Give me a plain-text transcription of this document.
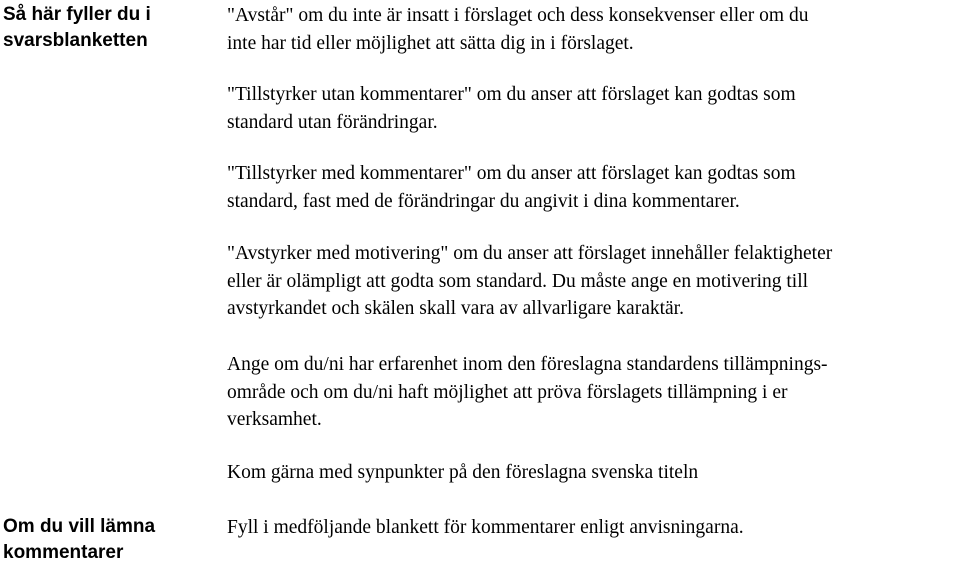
Så här fyller du i
svarsblanketten

"Avstår" om du inte är insatt i förslaget och dess konsekvenser eller om du
inte har tid eller möjlighet att sätta dig in i förslaget.

"Tillstyrker utan kommentarer" om du anser att förslaget kan godtas som
standard utan förändringar.

"Tillstyrker med kommentarer" om du anser att förslaget kan godtas som
standard, fast med de förändringar du angivit i dina kommentarer.

"Avstyrker med motivering" om du anser att förslaget innehåller felaktigheter
eller är olämpligt att godta som standard. Du måste ange en motivering till
avstyrkandet och skälen skall vara av allvarligare karaktär.

Ange om du/ni har erfarenhet inom den föreslagna standardens tillämpnings-
område och om du/ni haft möjlighet att pröva förslagets tillämpning i er
verksamhet.

Kom gärna med synpunkter på den föreslagna svenska titeln

Om du vill lämna
kommentarer

Fyll i medföljande blankett för kommentarer enligt anvisningarna.
